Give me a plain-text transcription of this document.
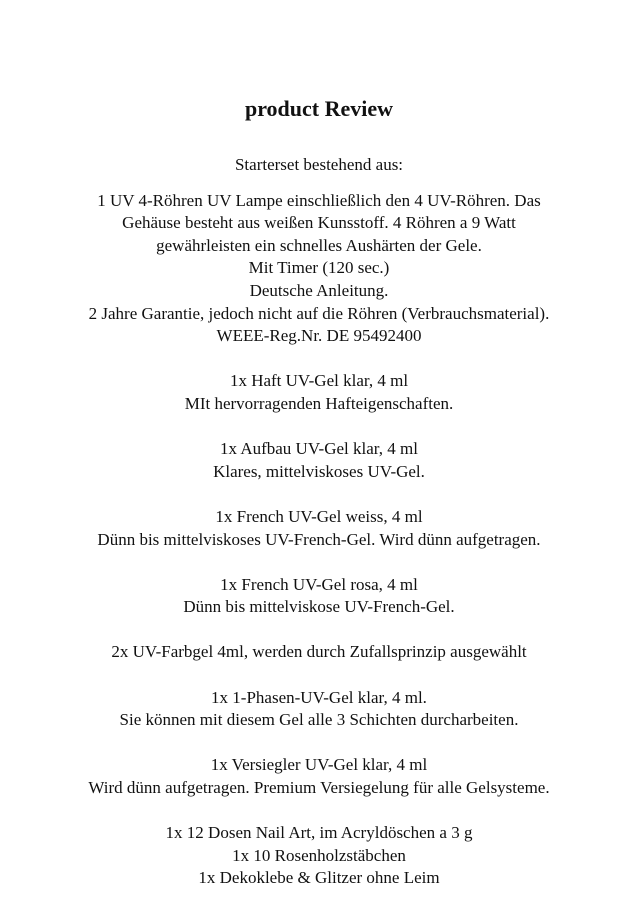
product Review
Starterset bestehend aus:
1 UV 4-Röhren UV Lampe einschließlich den 4 UV-Röhren. Das
Gehäuse besteht aus weißen Kunsstoff. 4 Röhren a 9 Watt
gewährleisten ein schnelles Aushärten der Gele.
Mit Timer (120 sec.)
Deutsche Anleitung.
2 Jahre Garantie, jedoch nicht auf die Röhren (Verbrauchsmaterial).
WEEE-Reg.Nr. DE 95492400
1x Haft UV-Gel klar, 4 ml
MIt hervorragenden Hafteigenschaften.
1x Aufbau UV-Gel klar, 4 ml
Klares, mittelviskoses UV-Gel.
1x French UV-Gel weiss, 4 ml
Dünn bis mittelviskoses UV-French-Gel. Wird dünn aufgetragen.
1x French UV-Gel rosa, 4 ml
Dünn bis mittelviskose UV-French-Gel.
2x UV-Farbgel 4ml, werden durch Zufallsprinzip ausgewählt
1x 1-Phasen-UV-Gel klar, 4 ml.
Sie können mit diesem Gel alle 3 Schichten durcharbeiten.
1x Versiegler UV-Gel klar, 4 ml
Wird dünn aufgetragen. Premium Versiegelung für alle Gelsysteme.
1x 12 Dosen Nail Art, im Acryldöschen a 3 g
1x 10 Rosenholzstäbchen
1x Dekoklebe & Glitzer ohne Leim
